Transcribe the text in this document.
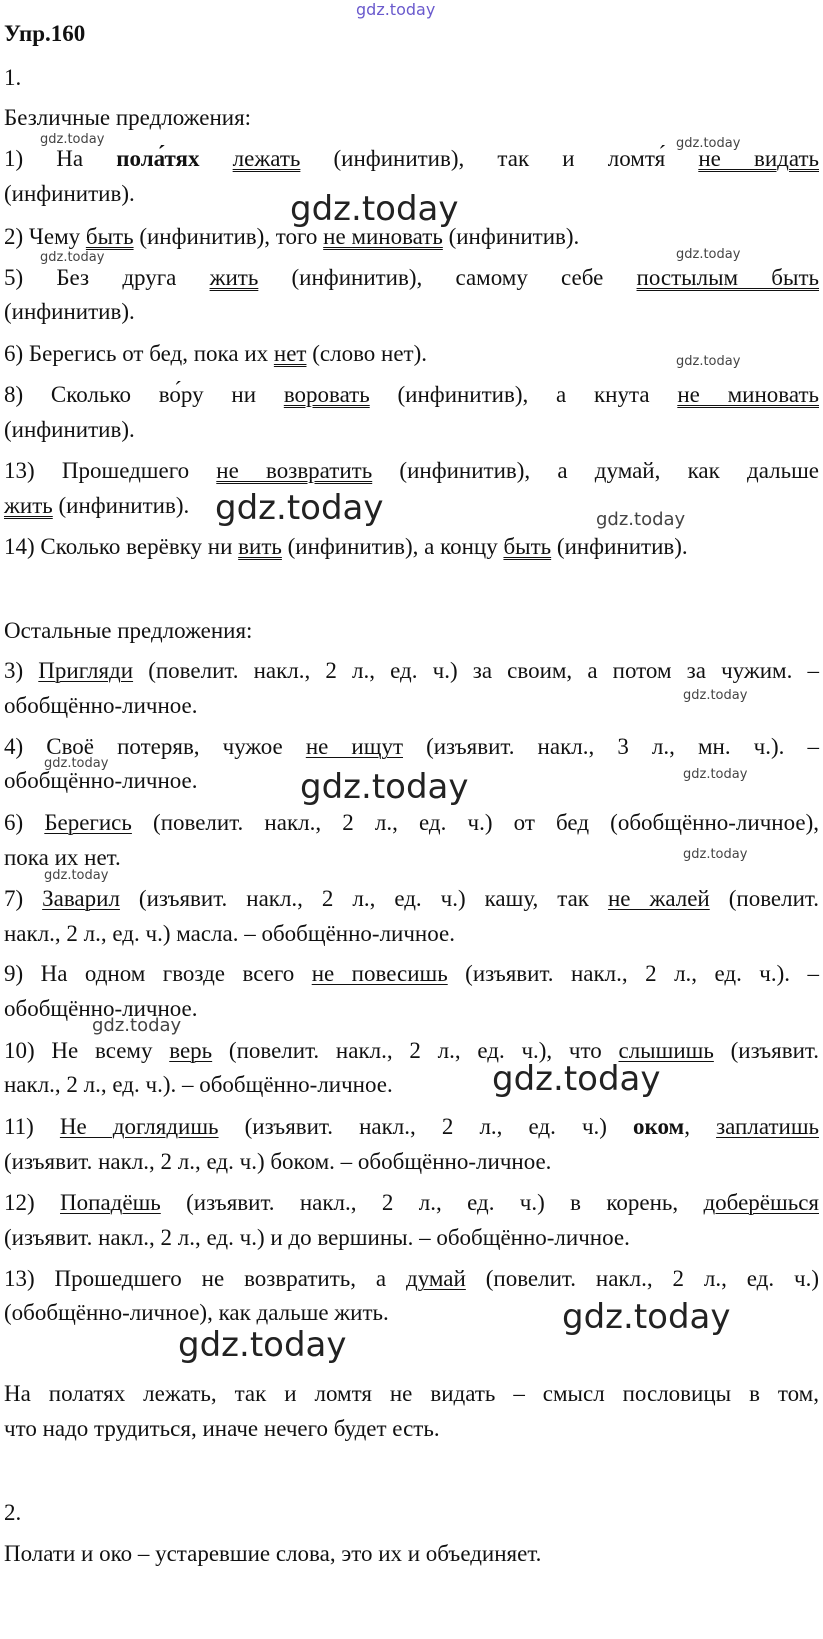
gdz.today
gdz.today	gdz.today
gdz.today
gdz.today	gdz.today
gdz.today
gdz.today	gdz.today
gdz.today
gdz.today
gdz.today
gdz.today
gdz.today
gdz.today
gdz.today
gdz.today
gdz.today
gdz.today
Упр.160
1.
Безличные предложения:
1) На пола́тях лежать (инфинитив), так и ломтя́ не видать
(инфинитив).
2) Чему быть (инфинитив), того не миновать (инфинитив).
5) Без друга жить (инфинитив), самому себе постылым быть
(инфинитив).
6) Берегись от бед, пока их нет (слово нет).
8) Сколько во́ру ни воровать (инфинитив), а кнута не миновать
(инфинитив).
13) Прошедшего не возвратить (инфинитив), а думай, как дальше
жить (инфинитив).
14) Сколько верёвку ни вить (инфинитив), а концу быть (инфинитив).
Остальные предложения:
3) Пригляди (повелит. накл., 2 л., ед. ч.) за своим, а потом за чужим. –
обобщённо-личное.
4) Своё потеряв, чужое не ищут (изъявит. накл., 3 л., мн. ч.). –
обобщённо-личное.
6) Берегись (повелит. накл., 2 л., ед. ч.) от бед (обобщённо-личное),
пока их нет.
7) Заварил (изъявит. накл., 2 л., ед. ч.) кашу, так не жалей (повелит.
накл., 2 л., ед. ч.) масла. – обобщённо-личное.
9) На одном гвозде всего не повесишь (изъявит. накл., 2 л., ед. ч.). –
обобщённо-личное.
10) Не всему верь (повелит. накл., 2 л., ед. ч.), что слышишь (изъявит.
накл., 2 л., ед. ч.). – обобщённо-личное.
11) Не доглядишь (изъявит. накл., 2 л., ед. ч.) оком, заплатишь
(изъявит. накл., 2 л., ед. ч.) боком. – обобщённо-личное.
12) Попадёшь (изъявит. накл., 2 л., ед. ч.) в корень, доберёшься
(изъявит. накл., 2 л., ед. ч.) и до вершины. – обобщённо-личное.
13) Прошедшего не возвратить, а думай (повелит. накл., 2 л., ед. ч.)
(обобщённо-личное), как дальше жить.
На полатях лежать, так и ломтя не видать – смысл пословицы в том,
что надо трудиться, иначе нечего будет есть.
2.
Полати и око – устаревшие слова, это их и объединяет.
